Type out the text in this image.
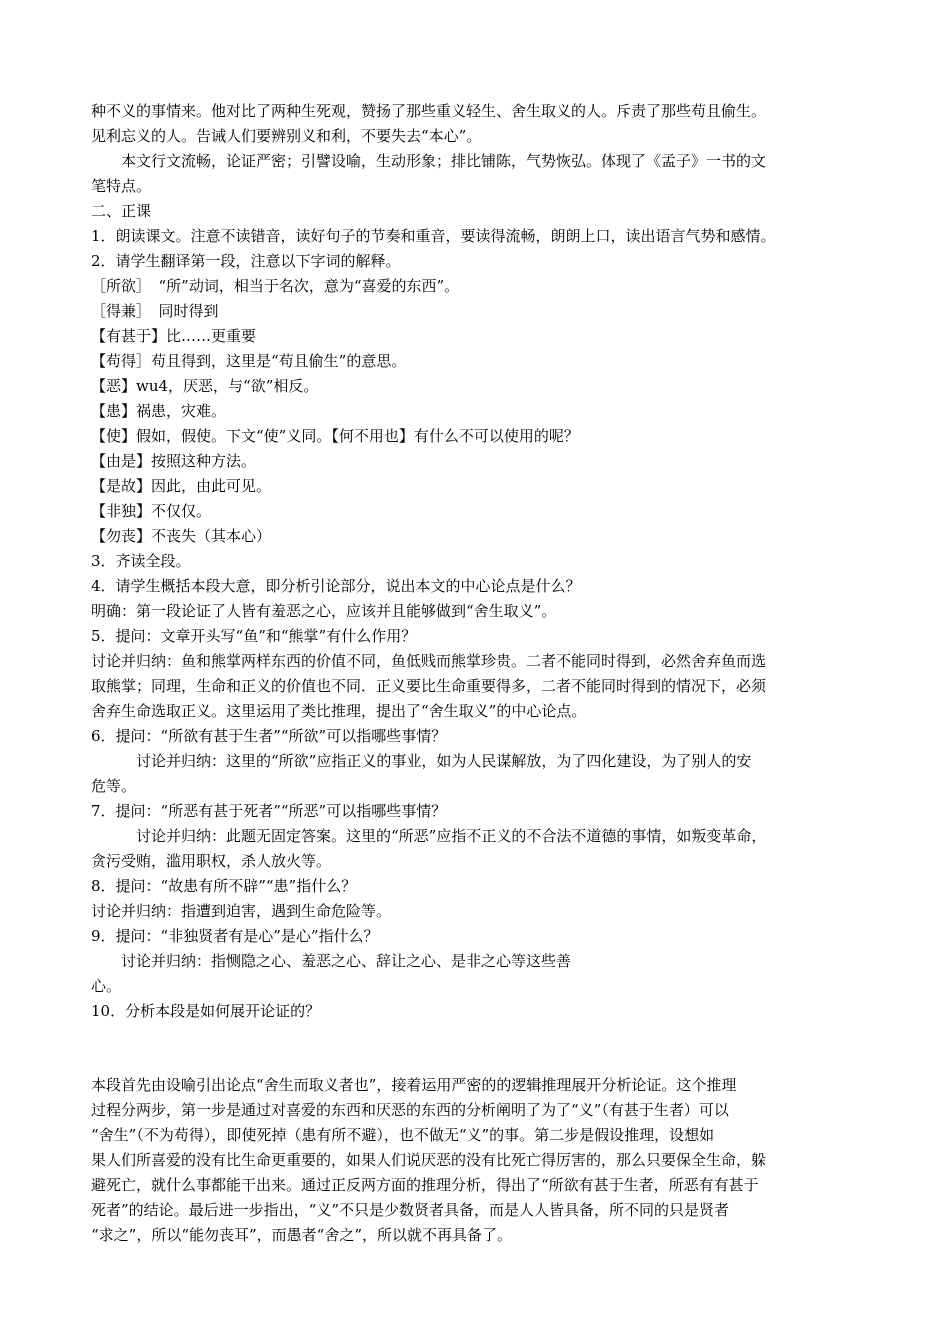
种不义的事情来。他对比了两种生死观，赞扬了那些重义轻生、舍生取义的人。斥责了那些苟且偷生。

见利忘义的人。告诫人们要辨别义和利，不要失去“本心”。

　　本文行文流畅，论证严密；引譬设喻，生动形象；排比铺陈，气势恢弘。体现了《孟子》一书的文

笔特点。

二、正课

1．朗读课文。注意不读错音，读好句子的节奏和重音，要读得流畅，朗朗上口，读出语言气势和感情。

2．请学生翻译第一段，注意以下字词的解释。

［所欲］　“所”动词，相当于名次，意为“喜爱的东西”。

［得兼］　同时得到

【有甚于】比……更重要

【苟得］苟且得到，这里是“苟且偷生”的意思。

【恶】wu4，厌恶，与“欲”相反。

【患】祸患，灾难。

【使】假如，假使。下文“使”义同。【何不用也】有什么不可以使用的呢？

【由是】按照这种方法。

【是故】因此，由此可见。

【非独】不仅仅。

【勿丧】不丧失（其本心）

3．齐读全段。

4．请学生概括本段大意，即分析引论部分，说出本文的中心论点是什么？

明确：第一段论证了人皆有羞恶之心，应该并且能够做到“舍生取义”。

5．提问：文章开头写“鱼”和“熊掌”有什么作用？

讨论并归纳：鱼和熊掌两样东西的价值不同，鱼低贱而熊掌珍贵。二者不能同时得到，必然舍弃鱼而选

取熊掌；同理，生命和正义的价值也不同．正义要比生命重要得多，二者不能同时得到的情况下，必须

舍弃生命选取正义。这里运用了类比推理，提出了“舍生取义”的中心论点。

6．提问：“所欲有甚于生者”“所欲”可以指哪些事情？

　　　讨论并归纳：这里的“所欲”应指正义的事业，如为人民谋解放，为了四化建设，为了别人的安

危等。

7．提问：“所恶有甚于死者”“所恶”可以指哪些事情？

　　　讨论并归纳：此题无固定答案。这里的“所恶”应指不正义的不合法不道德的事情，如叛变革命，

贪污受贿，滥用职权，杀人放火等。

8．提问：“故患有所不辟”“患”指什么？

讨论并归纳：指遭到迫害，遇到生命危险等。

9．提问：“非独贤者有是心”是心”指什么？

　　讨论并归纳：指恻隐之心、羞恶之心、辞让之心、是非之心等这些善

心。

10．分析本段是如何展开论证的？

本段首先由设喻引出论点“舍生而取义者也”，接着运用严密的的逻辑推理展开分析论证。这个推理

过程分两步，第一步是通过对喜爱的东西和厌恶的东西的分析阐明了为了“义”（有甚于生者）可以

“舍生”（不为苟得），即使死掉（患有所不避），也不做无“义”的事。第二步是假设推理，设想如

果人们所喜爱的没有比生命更重要的，如果人们说厌恶的没有比死亡得厉害的，那么只要保全生命，躲

避死亡，就什么事都能干出来。通过正反两方面的推理分析，得出了“所欲有甚于生者，所恶有有甚于

死者”的结论。最后进一步指出，“义”不只是少数贤者具备，而是人人皆具备，所不同的只是贤者

“求之”，所以“能勿丧耳”，而愚者“舍之”，所以就不再具备了。
